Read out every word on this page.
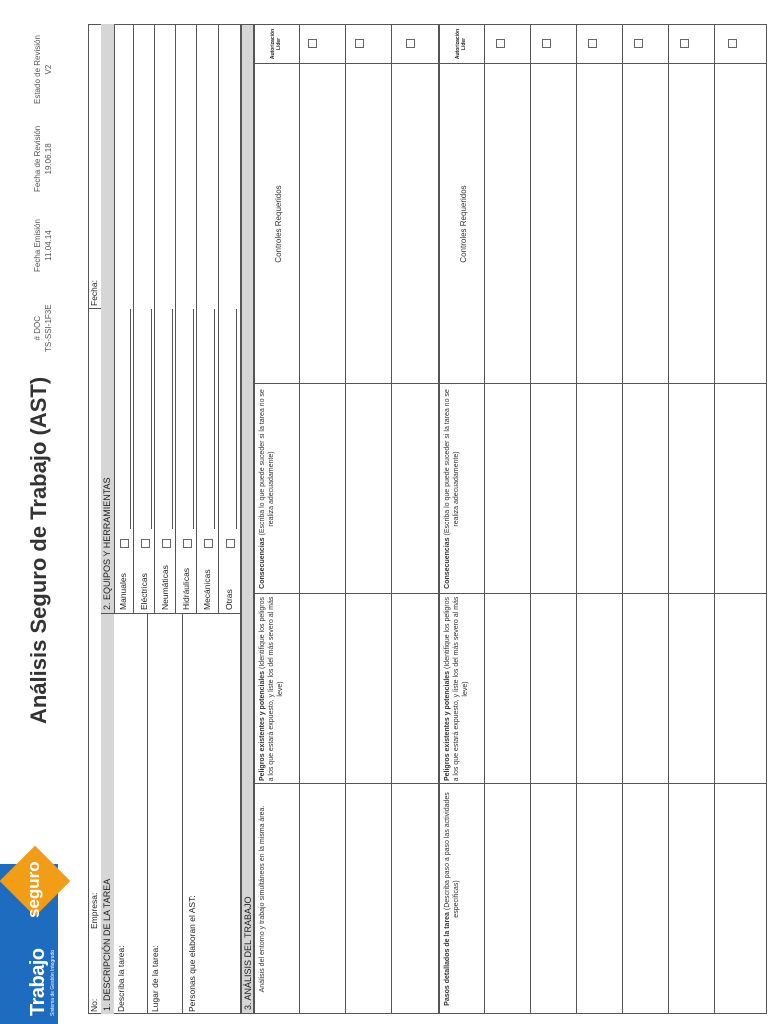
Trabajo
seguro
Sistema de Gestión Integrado
Análisis Seguro de Trabajo (AST)
# DOC TS-SSI-1F3E
Fecha Emisión 11.04.14
Fecha de Revisión 19.06.18
Estado de Revisión V2
No:
Empresa:
Fecha:
1. DESCRIPCIÓN DE LA TAREA Describa la tarea:	Lugar de la tarea:	Personas que elaboran el AST:
2. EQUIPOS Y HERRAMIENTAS Manuales Eléctricas Neumáticas Hidráulicas Mecánicas Otras
3. ANÁLISIS DEL TRABAJO Análisis del entorno y trabajo simultáneos en la misma área.
Peligros existentes y potenciales (Identifique los peligros a los que estará expuesto, y liste los del más severo al más leve)
Consecuencias (Escriba lo que puede suceder si la tarea no se realiza adecuadamente)
Controles Requeridos
Autorización Líder
Pasos detallados de la tarea (Describa paso a paso las actividades específicas)
Peligros existentes y potenciales (Identifique los peligros a los que estará expuesto, y liste los del más severo al más leve)
Consecuencias (Escriba lo que puede suceder si la tarea no se realiza adecuadamente)
Controles Requeridos
Autorización Líder
